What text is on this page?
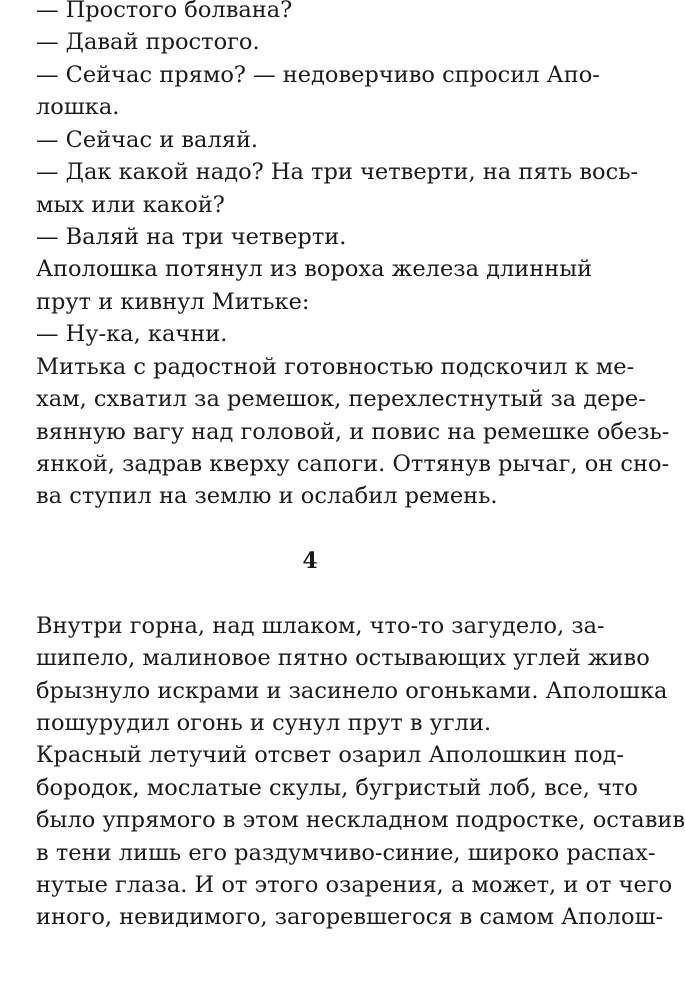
— Простого болвана?
— Давай простого.
— Сейчас прямо? — недоверчиво спросил Апо-
лошка.
— Сейчас и валяй.
— Дак какой надо? На три четверти, на пять вось-
мых или какой?
— Валяй на три четверти.
Аполошка потянул из вороха железа длинный
прут и кивнул Митьке:
— Ну-ка, качни.
Митька с радостной готовностью подскочил к ме-
хам, схватил за ремешок, перехлестнутый за дере-
вянную вагу над головой, и повис на ремешке обезь-
янкой, задрав кверху сапоги. Оттянув рычаг, он сно-
ва ступил на землю и ослабил ремень.
4
Внутри горна, над шлаком, что-то загудело, за-
шипело, малиновое пятно остывающих углей живо
брызнуло искрами и засинело огоньками. Аполошка
пошурудил огонь и сунул прут в угли.
Красный летучий отсвет озарил Аполошкин под-
бородок, мослатые скулы, бугристый лоб, все, что
было упрямого в этом нескладном подростке, оставив
в тени лишь его раздумчиво-синие, широко распах-
нутые глаза. И от этого озарения, а может, и от чего
иного, невидимого, загоревшегося в самом Аполош-
